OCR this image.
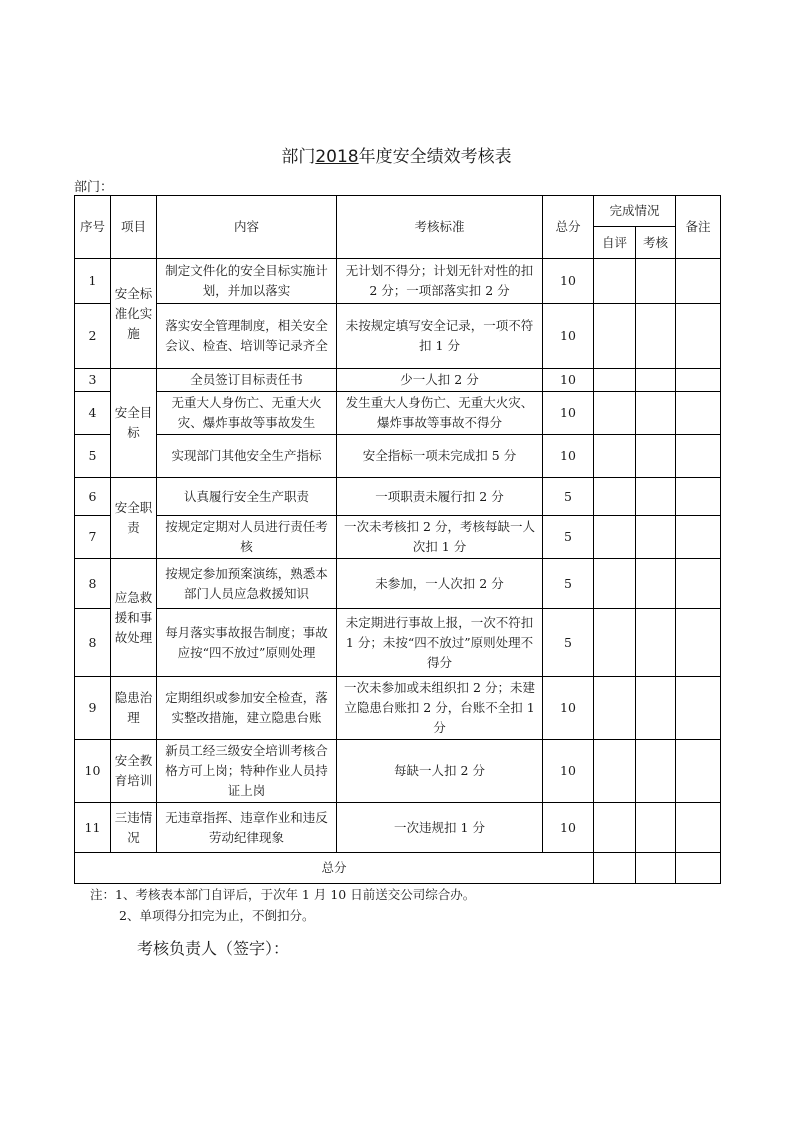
部门2018年度安全绩效考核表
部门：
序号	项目	内容	考核标准	总分	完成情况		备注
					自评	考核	
1	安全标准化实施	制定文件化的安全目标实施计划，并加以落实	无计划不得分；计划无针对性的扣 2 分；一项部落实扣 2 分	10			
2		落实安全管理制度，相关安全会议、检查、培训等记录齐全	未按规定填写安全记录，一项不符扣 1 分	10			
3	安全目标	全员签订目标责任书	少一人扣 2 分	10			
4		无重大人身伤亡、无重大火灾、爆炸事故等事故发生	发生重大人身伤亡、无重大火灾、爆炸事故等事故不得分	10			
5		实现部门其他安全生产指标	安全指标一项未完成扣 5 分	10			
6	安全职责	认真履行安全生产职责	一项职责未履行扣 2 分	5			
7		按规定定期对人员进行责任考核	一次未考核扣 2 分，考核每缺一人次扣 1 分	5			
8	应急救援和事故处理	按规定参加预案演练，熟悉本部门人员应急救援知识	未参加，一人次扣 2 分	5			
8		每月落实事故报告制度；事故应按“四不放过”原则处理	未定期进行事故上报，一次不符扣 1 分；未按“四不放过”原则处理不得分	5			
9	隐患治理	定期组织或参加安全检查，落实整改措施，建立隐患台账	一次未参加或未组织扣 2 分；未建立隐患台账扣 2 分，台账不全扣 1 分	10			
10	安全教育培训	新员工经三级安全培训考核合格方可上岗；特种作业人员持证上岗	每缺一人扣 2 分	10			
11	三违情况	无违章指挥、违章作业和违反劳动纪律现象	一次违规扣 1 分	10			
总分							
注：1、考核表本部门自评后，于次年 1 月 10 日前送交公司综合办。
2、单项得分扣完为止，不倒扣分。
考核负责人（签字）：
